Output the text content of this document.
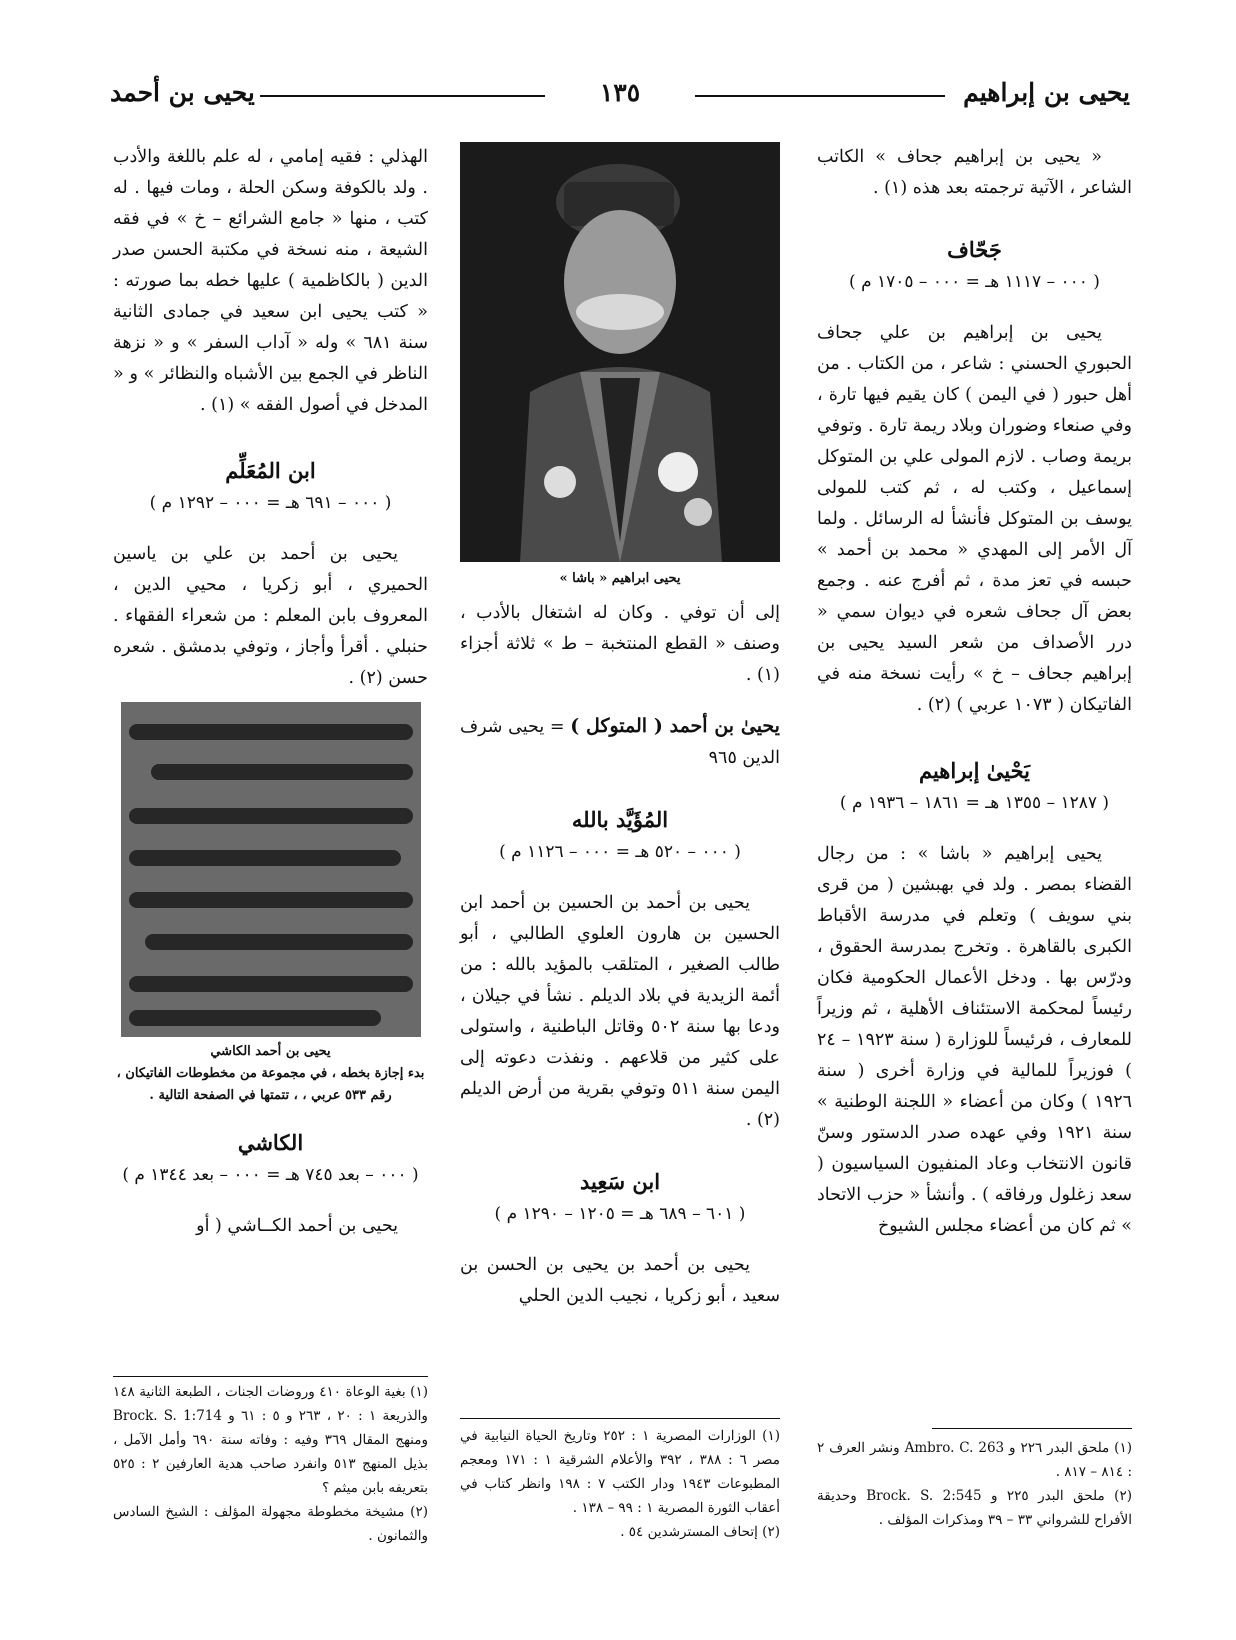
يحيى بن إبراهيم
١٣٥
يحيى بن أحمد

« يحيى بن إبراهيم جحاف » الكاتب الشاعر ، الآتية ترجمته بعد هذه (١) .

جَحّاف
( ٠٠٠ – ١١١٧ هـ = ٠٠٠ – ١٧٠٥ م )

يحيى بن إبراهيم بن علي جحاف الحبوري الحسني : شاعر ، من الكتاب . من أهل حبور ( في اليمن ) كان يقيم فيها تارة ، وفي صنعاء وضوران وبلاد ريمة تارة . وتوفي بريمة وصاب . لازم المولى علي بن المتوكل إسماعيل ، وكتب له ، ثم كتب للمولى يوسف بن المتوكل فأنشأ له الرسائل . ولما آل الأمر إلى المهدي « محمد بن أحمد » حبسه في تعز مدة ، ثم أفرج عنه . وجمع بعض آل جحاف شعره في ديوان سمي « درر الأصداف من شعر السيد يحيى بن إبراهيم جحاف – خ » رأيت نسخة منه في الفاتيكان ( ١٠٧٣ عربي ) (٢) .

يَحْيىٰ إبراهيم
( ١٢٨٧ – ١٣٥٥ هـ = ١٨٦١ – ١٩٣٦ م )

يحيى إبراهيم « باشا » : من رجال القضاء بمصر . ولد في بهبشين ( من قرى بني سويف ) وتعلم في مدرسة الأقباط الكبرى بالقاهرة . وتخرج بمدرسة الحقوق ، ودرّس بها . ودخل الأعمال الحكومية فكان رئيساً لمحكمة الاستئناف الأهلية ، ثم وزيراً للمعارف ، فرئيساً للوزارة ( سنة ١٩٢٣ – ٢٤ ) فوزيراً للمالية في وزارة أخرى ( سنة ١٩٢٦ ) وكان من أعضاء « اللجنة الوطنية » سنة ١٩٢١ وفي عهده صدر الدستور وسنّ قانون الانتخاب وعاد المنفيون السياسيون ( سعد زغلول ورفاقه ) . وأنشأ « حزب الاتحاد » ثم كان من أعضاء مجلس الشيوخ

(١) ملحق البدر ٢٢٦ و Ambro. C. 263 ونشر العرف ٢ : ٨١٤ – ٨١٧ .

(٢) ملحق البدر ٢٢٥ و Brock. S. 2:545 وحديقة الأفراح للشرواني ٣٣ – ٣٩ ومذكرات المؤلف .

يحيى ابراهيم « باشا »

إلى أن توفي . وكان له اشتغال بالأدب ، وصنف « القطع المنتخبة – ط » ثلاثة أجزاء (١) .

يحيىٰ بن أحمد ( المتوكل ) = يحيى شرف الدين ٩٦٥
المُؤَيَّد بالله
( ٠٠٠ – ٥٢٠ هـ = ٠٠٠ – ١١٢٦ م )

يحيى بن أحمد بن الحسين بن أحمد ابن الحسين بن هارون العلوي الطالبي ، أبو طالب الصغير ، المتلقب بالمؤيد بالله : من أئمة الزيدية في بلاد الديلم . نشأ في جيلان ، ودعا بها سنة ٥٠٢ وقاتل الباطنية ، واستولى على كثير من قلاعهم . ونفذت دعوته إلى اليمن سنة ٥١١ وتوفي بقرية من أرض الديلم (٢) .

ابن سَعِيد
( ٦٠١ – ٦٨٩ هـ = ١٢٠٥ – ١٢٩٠ م )

يحيى بن أحمد بن يحيى بن الحسن بن سعيد ، أبو زكريا ، نجيب الدين الحلي

(١) الوزارات المصرية ١ : ٢٥٢ وتاريخ الحياة النيابية في مصر ٦ : ٣٨٨ ، ٣٩٢ والأعلام الشرقية ١ : ١٧١ ومعجم المطبوعات ١٩٤٣ ودار الكتب ٧ : ١٩٨ وانظر كتاب في أعقاب الثورة المصرية ١ : ٩٩ – ١٣٨ .

(٢) إتحاف المسترشدين ٥٤ .

الهذلي : فقيه إمامي ، له علم باللغة والأدب . ولد بالكوفة وسكن الحلة ، ومات فيها . له كتب ، منها « جامع الشرائع – خ » في فقه الشيعة ، منه نسخة في مكتبة الحسن صدر الدين ( بالكاظمية ) عليها خطه بما صورته : « كتب يحيى ابن سعيد في جمادى الثانية سنة ٦٨١ » وله « آداب السفر » و « نزهة الناظر في الجمع بين الأشباه والنظائر » و « المدخل في أصول الفقه » (١) .

ابن المُعَلِّم
( ٠٠٠ – ٦٩١ هـ = ٠٠٠ – ١٢٩٢ م )

يحيى بن أحمد بن علي بن ياسين الحميري ، أبو زكريا ، محيي الدين ، المعروف بابن المعلم : من شعراء الفقهاء . حنبلي . أقرأ وأجاز ، وتوفي بدمشق . شعره حسن (٢) .

يحيى بن أحمد الكاشي
بدء إجازة بخطه ، في مجموعة من مخطوطات الفاتيكان ،
رقم ٥٣٣ عربي ، ، تتمتها في الصفحة التالية .
الكاشي
( ٠٠٠ – بعد ٧٤٥ هـ = ٠٠٠ – بعد ١٣٤٤ م )

يحيى بن أحمد الكــاشي ( أو

(١) بغية الوعاة ٤١٠ وروضات الجنات ، الطبعة الثانية ١٤٨ والذريعة ١ : ٢٠ ، ٢٦٣ و ٥ : ٦١ و Brock. S. 1:714 ومنهج المقال ٣٦٩ وفيه : وفاته سنة ٦٩٠ وأمل الآمل ، بذيل المنهج ٥١٣ وانفرد صاحب هدية العارفين ٢ : ٥٢٥ بتعريفه بابن ميثم ؟

(٢) مشيخة مخطوطة مجهولة المؤلف : الشيخ السادس والثمانون .
